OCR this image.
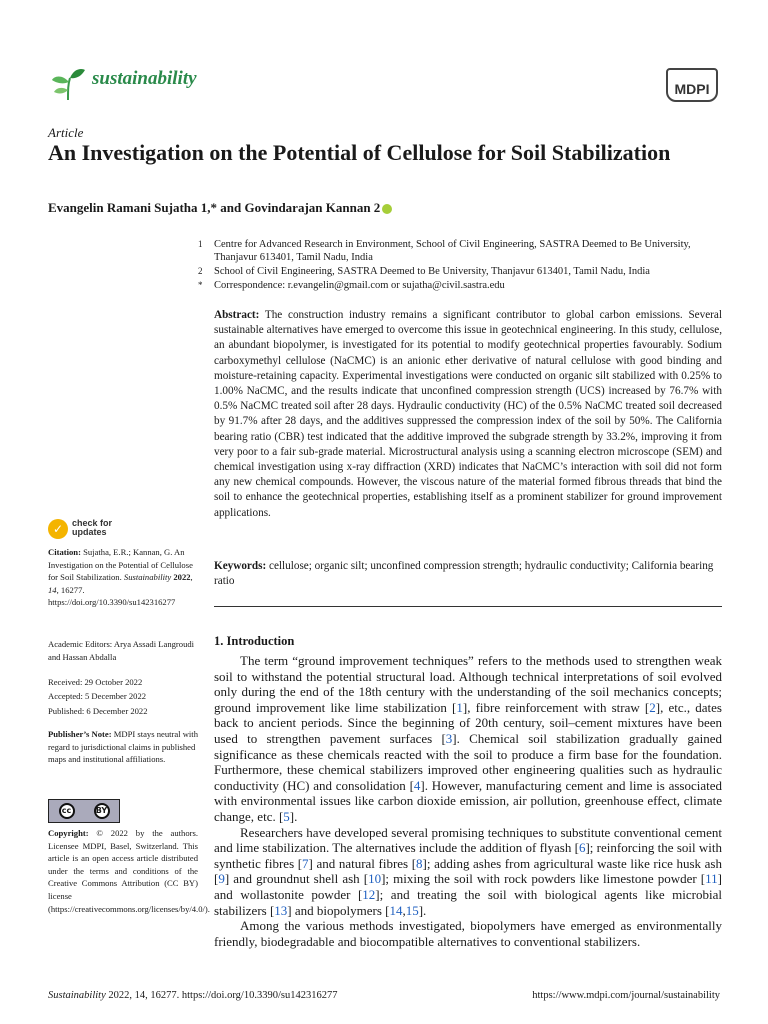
sustainability	MDPI
Article
An Investigation on the Potential of Cellulose for Soil Stabilization
Evangelin Ramani Sujatha 1,* and Govindarajan Kannan 2
1 Centre for Advanced Research in Environment, School of Civil Engineering, SASTRA Deemed to Be University, Thanjavur 613401, Tamil Nadu, India
2 School of Civil Engineering, SASTRA Deemed to Be University, Thanjavur 613401, Tamil Nadu, India
* Correspondence: r.evangelin@gmail.com or sujatha@civil.sastra.edu
Abstract: The construction industry remains a significant contributor to global carbon emissions. Several sustainable alternatives have emerged to overcome this issue in geotechnical engineering. In this study, cellulose, an abundant biopolymer, is investigated for its potential to modify geotechnical properties favourably. Sodium carboxymethyl cellulose (NaCMC) is an anionic ether derivative of natural cellulose with good binding and moisture-retaining capacity. Experimental investigations were conducted on organic silt stabilized with 0.25% to 1.00% NaCMC, and the results indicate that unconfined compression strength (UCS) increased by 76.7% with 0.5% NaCMC treated soil after 28 days. Hydraulic conductivity (HC) of the 0.5% NaCMC treated soil decreased by 91.7% after 28 days, and the additives suppressed the compression index of the soil by 50%. The California bearing ratio (CBR) test indicated that the additive improved the subgrade strength by 33.2%, improving it from very poor to a fair sub-grade material. Microstructural analysis using a scanning electron microscope (SEM) and chemical investigation using x-ray diffraction (XRD) indicates that NaCMC’s interaction with soil did not form any new chemical compounds. However, the viscous nature of the material formed fibrous threads that bind the soil to enhance the geotechnical properties, establishing itself as a prominent stabilizer for ground improvement applications.
Keywords: cellulose; organic silt; unconfined compression strength; hydraulic conductivity; California bearing ratio
1. Introduction

The term “ground improvement techniques” refers to the methods used to strengthen weak soil to withstand the potential structural load. Although technical interpretations of soil evolved only during the end of the 18th century with the understanding of the soil mechanics concepts; ground improvement like lime stabilization [1], fibre reinforcement with straw [2], etc., dates back to ancient periods. Since the beginning of 20th century, soil–cement mixtures have been used to strengthen pavement surfaces [3]. Chemical soil stabilization gradually gained significance as these chemicals reacted with the soil to produce a firm base for the foundation. Furthermore, these chemical stabilizers improved other engineering qualities such as hydraulic conductivity (HC) and consolidation [4]. However, manufacturing cement and lime is associated with environmental issues like carbon dioxide emission, air pollution, greenhouse effect, climate change, etc. [5].

Researchers have developed several promising techniques to substitute conventional cement and lime stabilization. The alternatives include the addition of flyash [6]; reinforcing the soil with synthetic fibres [7] and natural fibres [8]; adding ashes from agricultural waste like rice husk ash [9] and groundnut shell ash [10]; mixing the soil with rock powders like limestone powder [11] and wollastonite powder [12]; and treating the soil with biological agents like microbial stabilizers [13] and biopolymers [14,15].

Among the various methods investigated, biopolymers have emerged as environmentally friendly, biodegradable and biocompatible alternatives to conventional stabilizers.

✓ check for
updates
Citation: Sujatha, E.R.; Kannan, G. An Investigation on the Potential of Cellulose for Soil Stabilization. Sustainability 2022, 14, 16277. https://doi.org/10.3390/su142316277
Academic Editors: Arya Assadi Langroudi and Hassan Abdalla
Received: 29 October 2022
Accepted: 5 December 2022
Published: 6 December 2022
Publisher’s Note: MDPI stays neutral with regard to jurisdictional claims in published maps and institutional affiliations.
cc	BY
Copyright: © 2022 by the authors. Licensee MDPI, Basel, Switzerland. This article is an open access article distributed under the terms and conditions of the Creative Commons Attribution (CC BY) license (https://creativecommons.org/licenses/by/4.0/).
Sustainability 2022, 14, 16277. https://doi.org/10.3390/su142316277	https://www.mdpi.com/journal/sustainability
